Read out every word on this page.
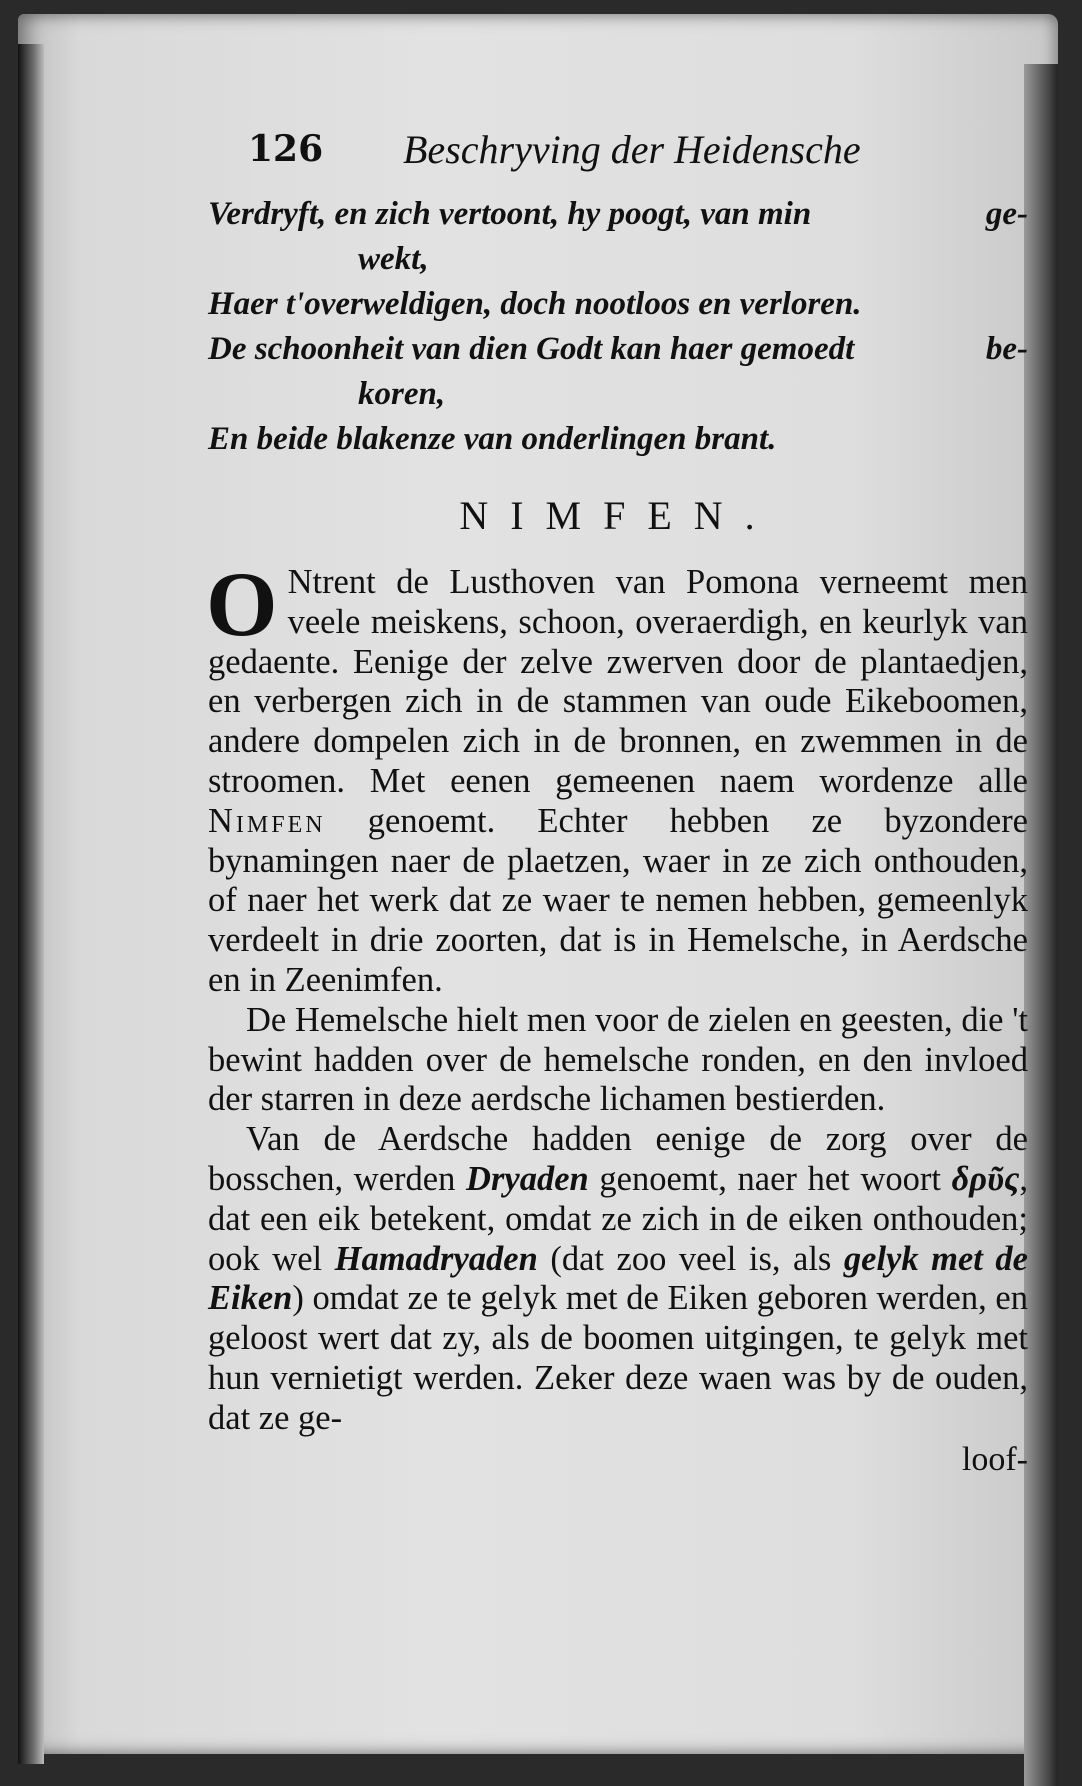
126 Beschryving der Heidensche
Verdryft, en zich vertoont, hy poogt, van min	ge-
wekt,
Haer t'overweldigen, doch nootloos en verloren.
De schoonheit van dien Godt kan haer gemoedt	be-
koren,
En beide blakenze van onderlingen brant.
NIMFEN.

O Ntrent de Lusthoven van Pomona verneemt men veele meiskens, schoon, overaerdigh, en keurlyk van gedaente. Eenige der zelve zwerven door de plantaedjen, en verbergen zich in de stammen van oude Eikeboomen, andere dompelen zich in de bronnen, en zwemmen in de stroomen. Met eenen gemeenen naem wordenze alle Nimfen genoemt. Echter hebben ze byzondere bynamingen naer de plaetzen, waer in ze zich onthouden, of naer het werk dat ze waer te nemen hebben, gemeenlyk verdeelt in drie zoorten, dat is in Hemelsche, in Aerdsche en in Zeenimfen.

De Hemelsche hielt men voor de zielen en geesten, die 't bewint hadden over de hemelsche ronden, en den invloed der starren in deze aerdsche lichamen bestierden.

Van de Aerdsche hadden eenige de zorg over de bosschen, werden Dryaden genoemt, naer het woort δρῦς, dat een eik betekent, omdat ze zich in de eiken onthouden; ook wel Hamadryaden (dat zoo veel is, als gelyk met de Eiken) omdat ze te gelyk met de Eiken geboren werden, en geloost wert dat zy, als de boomen uitgingen, te gelyk met hun vernietigt werden. Zeker deze waen was by de ouden, dat ze ge-

loof-
